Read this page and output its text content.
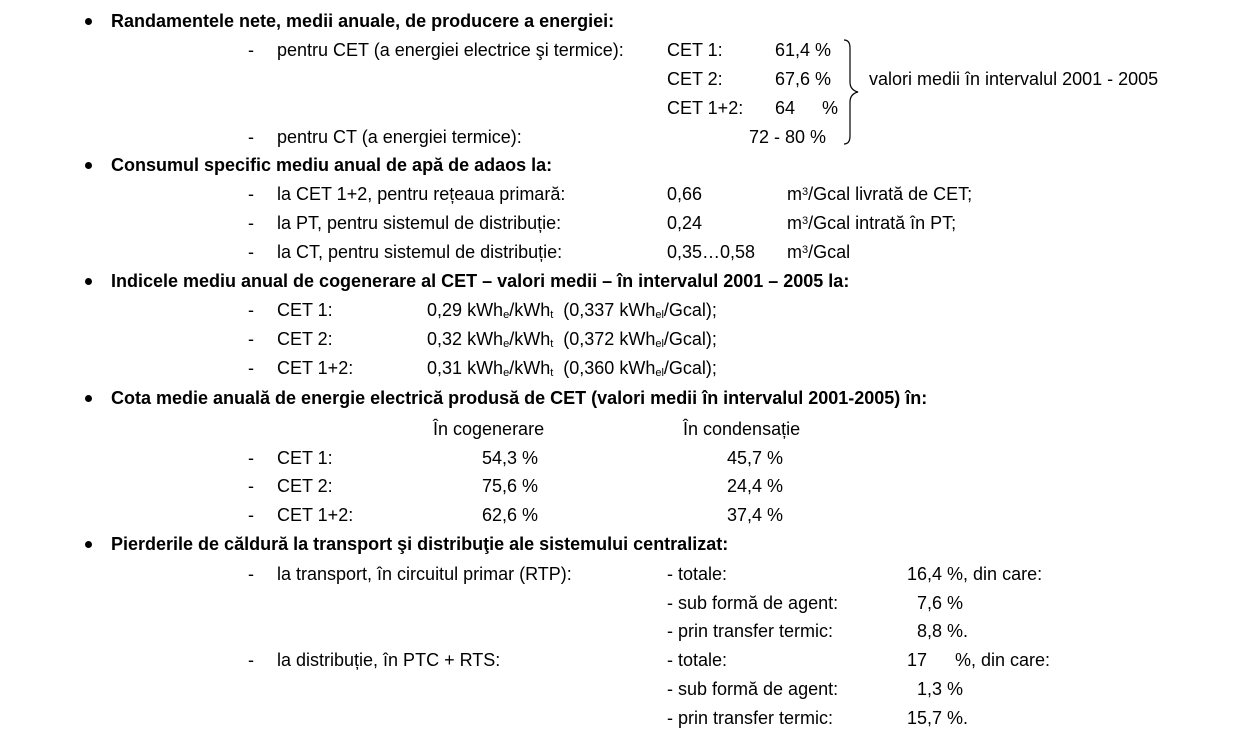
Randamentele nete, medii anuale, de producere a energiei:
- pentru CET (a energiei electrice şi termice): CET 1:	61,4 %
CET 2:	67,6 %
CET 1+2: 64 %
- pentru CT (a energiei termice):	72 - 80 %
valori medii în intervalul 2001 - 2005
Consumul specific mediu anual de apă de adaos la:
- la CET 1+2, pentru rețeaua primară:	0,66	$m^3$/Gcal livrată de CET;
- la PT, pentru sistemul de distribuție:	0,24	$m^3$/Gcal intrată în PT;
- la CT, pentru sistemul de distribuție:	0,35…0,58 $m^3$/Gcal
Indicele mediu anual de cogenerare al CET – valori medii – în intervalul 2001 – 2005 la:
- CET 1:	0,29 kWh$_e$/kWh$_t$ (0,337 kWh$_{el}$/Gcal);
- CET 2:	0,32 kWh$_e$/kWh$_t$ (0,372 kWh$_{el}$/Gcal);
- CET 1+2:	0,31 kWh$_e$/kWh$_t$ (0,360 kWh$_{el}$/Gcal);
Cota medie anuală de energie electrică produsă de CET (valori medii în intervalul 2001-2005) în:
În cogenerare	În condensație
- CET 1:	54,3 %	45,7 %
- CET 2:	75,6 %	24,4 %
- CET 1+2:	62,6 %	37,4 %
Pierderile de căldură la transport şi distribuţie ale sistemului centralizat:
- la transport, în circuitul primar (RTP):	- totale:	16,4 %, din care:
- sub formă de agent:	7,6 %
- prin transfer termic:	8,8 %.
- la distribuție, în PTC + RTS:	- totale:	17 %, din care:
- sub formă de agent:	1,3 %
- prin transfer termic:	15,7 %.
